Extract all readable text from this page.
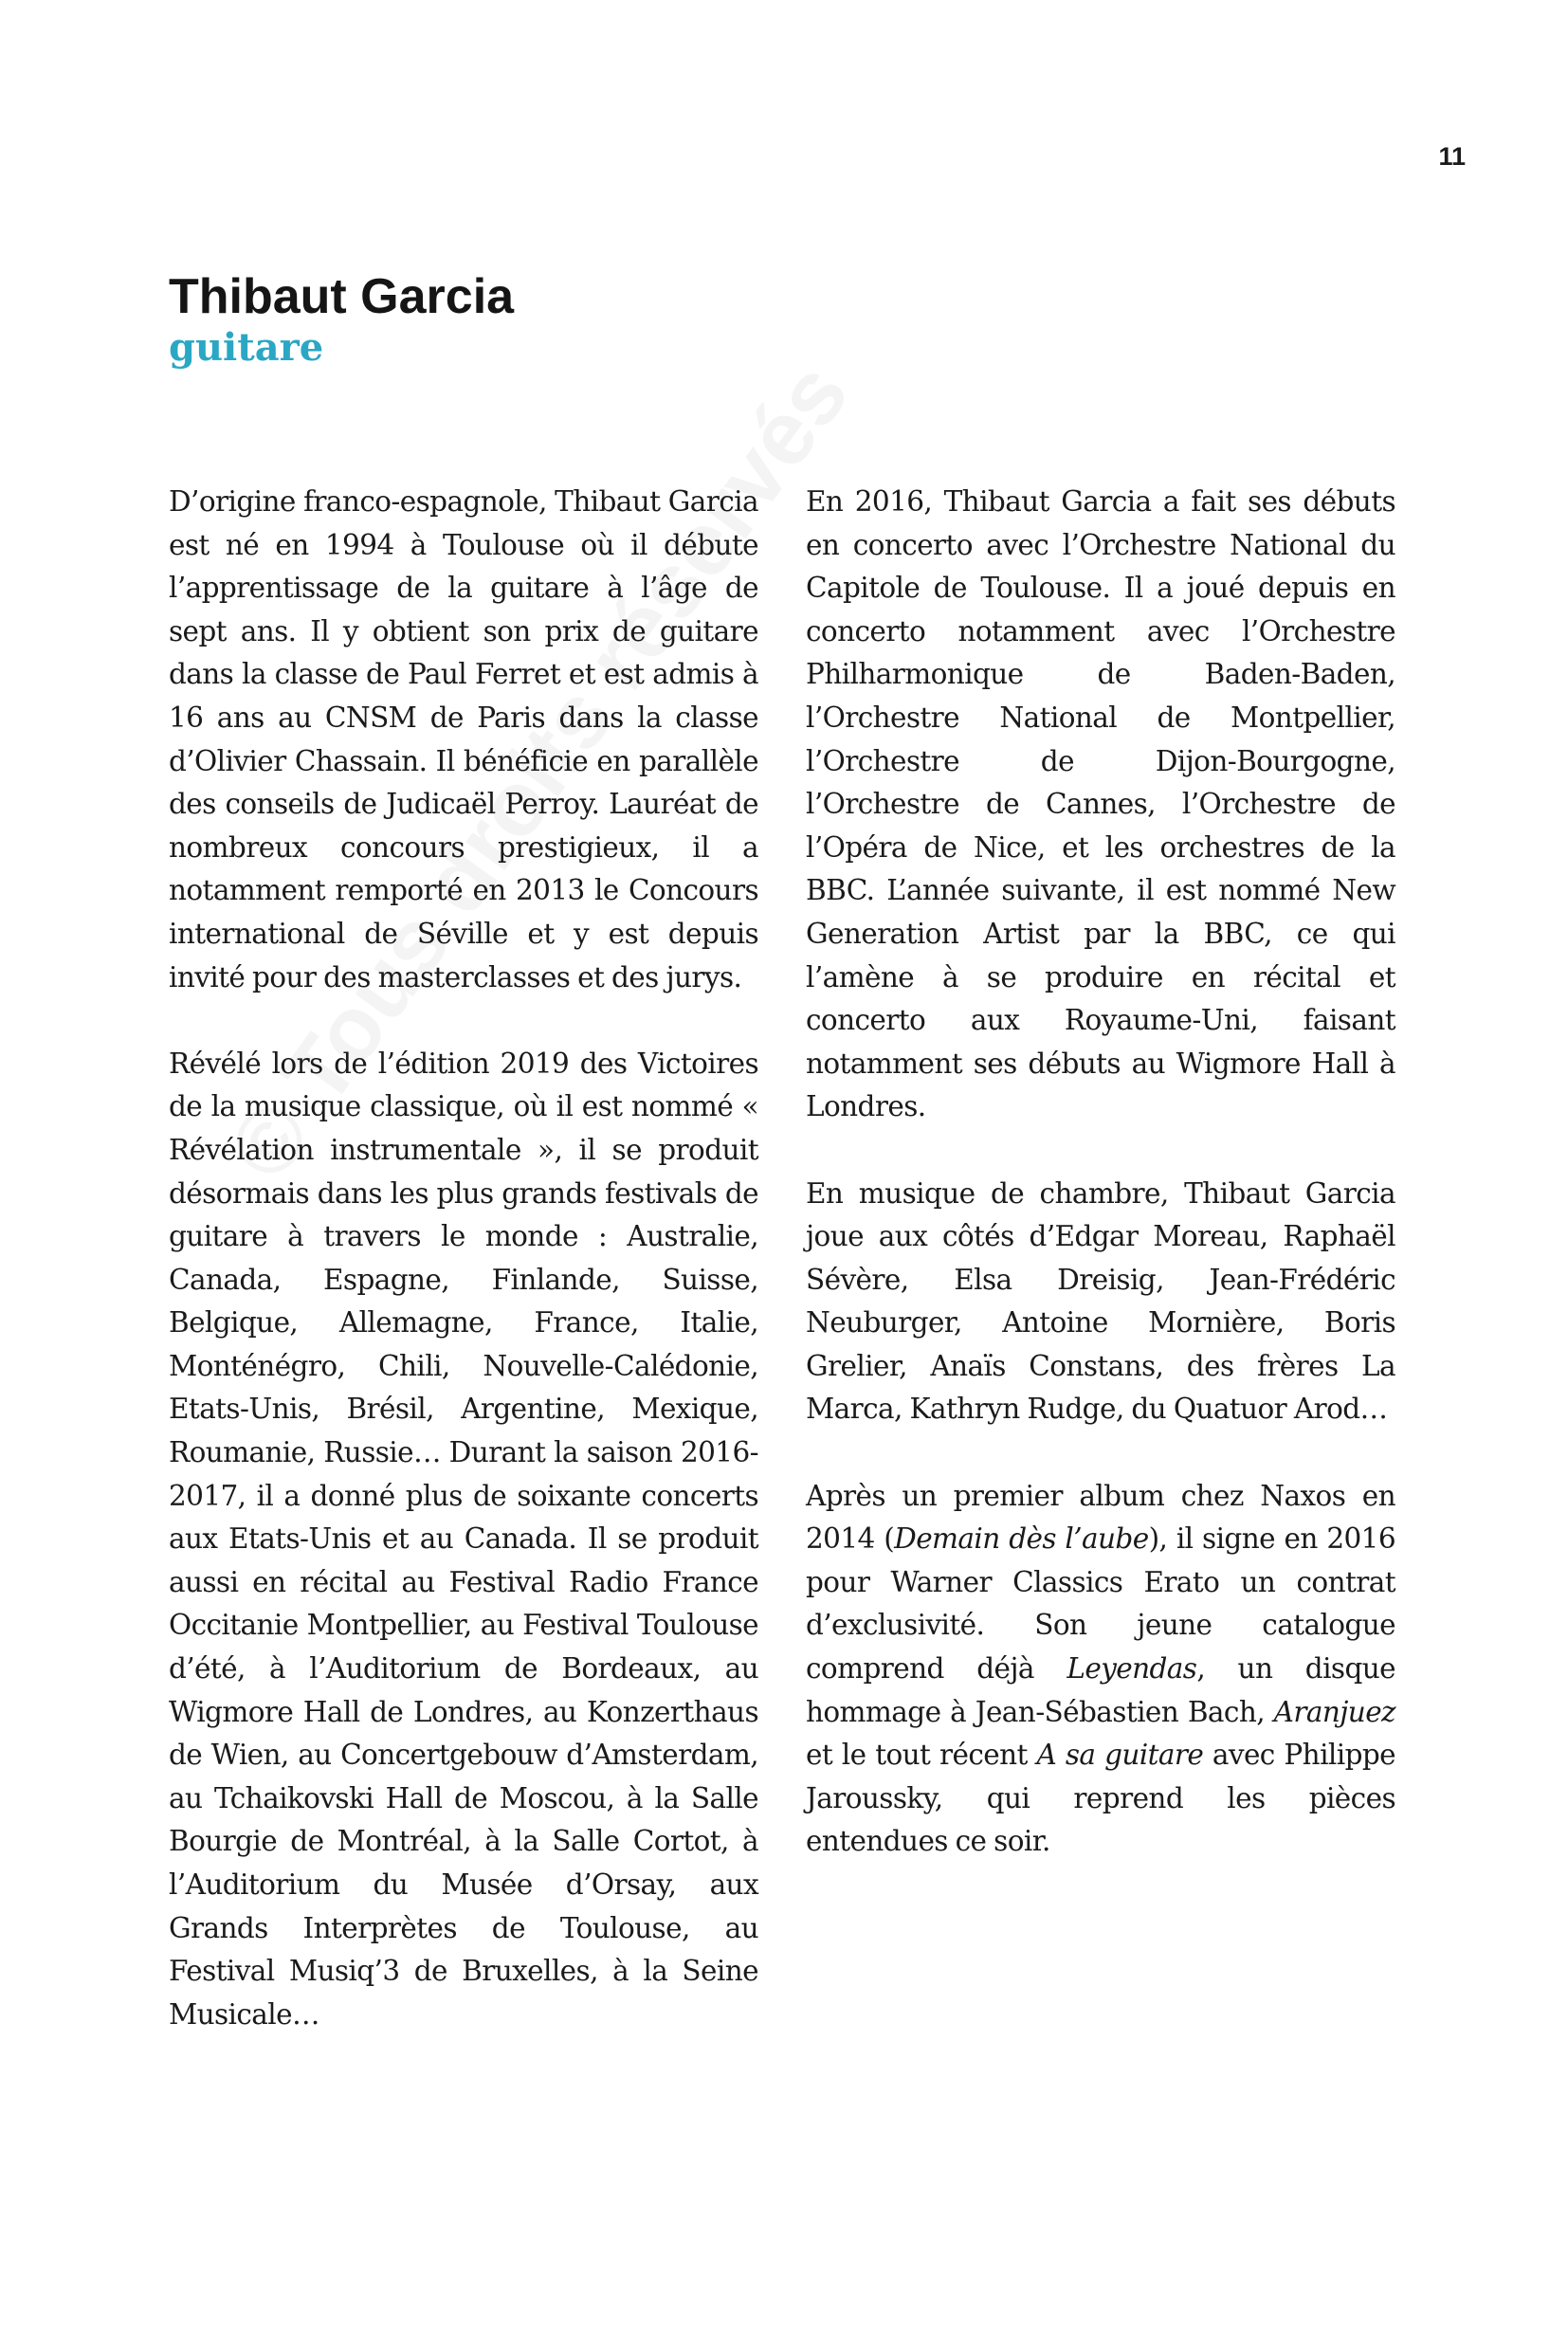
11
Thibaut Garcia
guitare

D’origine franco-espagnole, Thibaut Garcia est né en 1994 à Toulouse où il débute l’apprentissage de la guitare à l’âge de sept ans. Il y obtient son prix de guitare dans la classe de Paul Ferret et est admis à 16 ans au CNSM de Paris dans la classe d’Olivier Chassain. Il bénéficie en parallèle des conseils de Judicaël Perroy. Lauréat de nombreux concours prestigieux, il a notamment remporté en 2013 le Concours international de Séville et y est depuis invité pour des masterclasses et des jurys.

Révélé lors de l’édition 2019 des Victoires de la musique classique, où il est nommé « Révélation instrumentale », il se produit désormais dans les plus grands festivals de guitare à travers le monde : Australie, Canada, Espagne, Finlande, Suisse, Belgique, Allemagne, France, Italie, Monténégro, Chili, Nouvelle-Calédonie, Etats-Unis, Brésil, Argentine, Mexique, Roumanie, Russie… Durant la saison 2016-2017, il a donné plus de soixante concerts aux Etats-Unis et au Canada. Il se produit aussi en récital au Festival Radio France Occitanie Montpellier, au Festival Toulouse d’été, à l’Auditorium de Bordeaux, au Wigmore Hall de Londres, au Konzerthaus de Wien, au Concertgebouw d’Amsterdam, au Tchaikovski Hall de Moscou, à la Salle Bourgie de Montréal, à la Salle Cortot, à l’Auditorium du Musée d’Orsay, aux Grands Interprètes de Toulouse, au Festival Musiq’3 de Bruxelles, à la Seine Musicale…

En 2016, Thibaut Garcia a fait ses débuts en concerto avec l’Orchestre National du Capitole de Toulouse. Il a joué depuis en concerto notamment avec l’Orchestre Philharmonique de Baden-Baden, l’Orchestre National de Montpellier, l’Orchestre de Dijon-Bourgogne, l’Orchestre de Cannes, l’Orchestre de l’Opéra de Nice, et les orchestres de la BBC. L’année suivante, il est nommé New Generation Artist par la BBC, ce qui l’amène à se produire en récital et concerto aux Royaume-Uni, faisant notamment ses débuts au Wigmore Hall à Londres.

En musique de chambre, Thibaut Garcia joue aux côtés d’Edgar Moreau, Raphaël Sévère, Elsa Dreisig, Jean-Frédéric Neuburger, Antoine Mornière, Boris Grelier, Anaïs Constans, des frères La Marca, Kathryn Rudge, du Quatuor Arod…

Après un premier album chez Naxos en 2014 (Demain dès l’aube), il signe en 2016 pour Warner Classics Erato un contrat d’exclusivité. Son jeune catalogue comprend déjà Leyendas, un disque hommage à Jean-Sébastien Bach, Aranjuez et le tout récent A sa guitare avec Philippe Jaroussky, qui reprend les pièces entendues ce soir.
